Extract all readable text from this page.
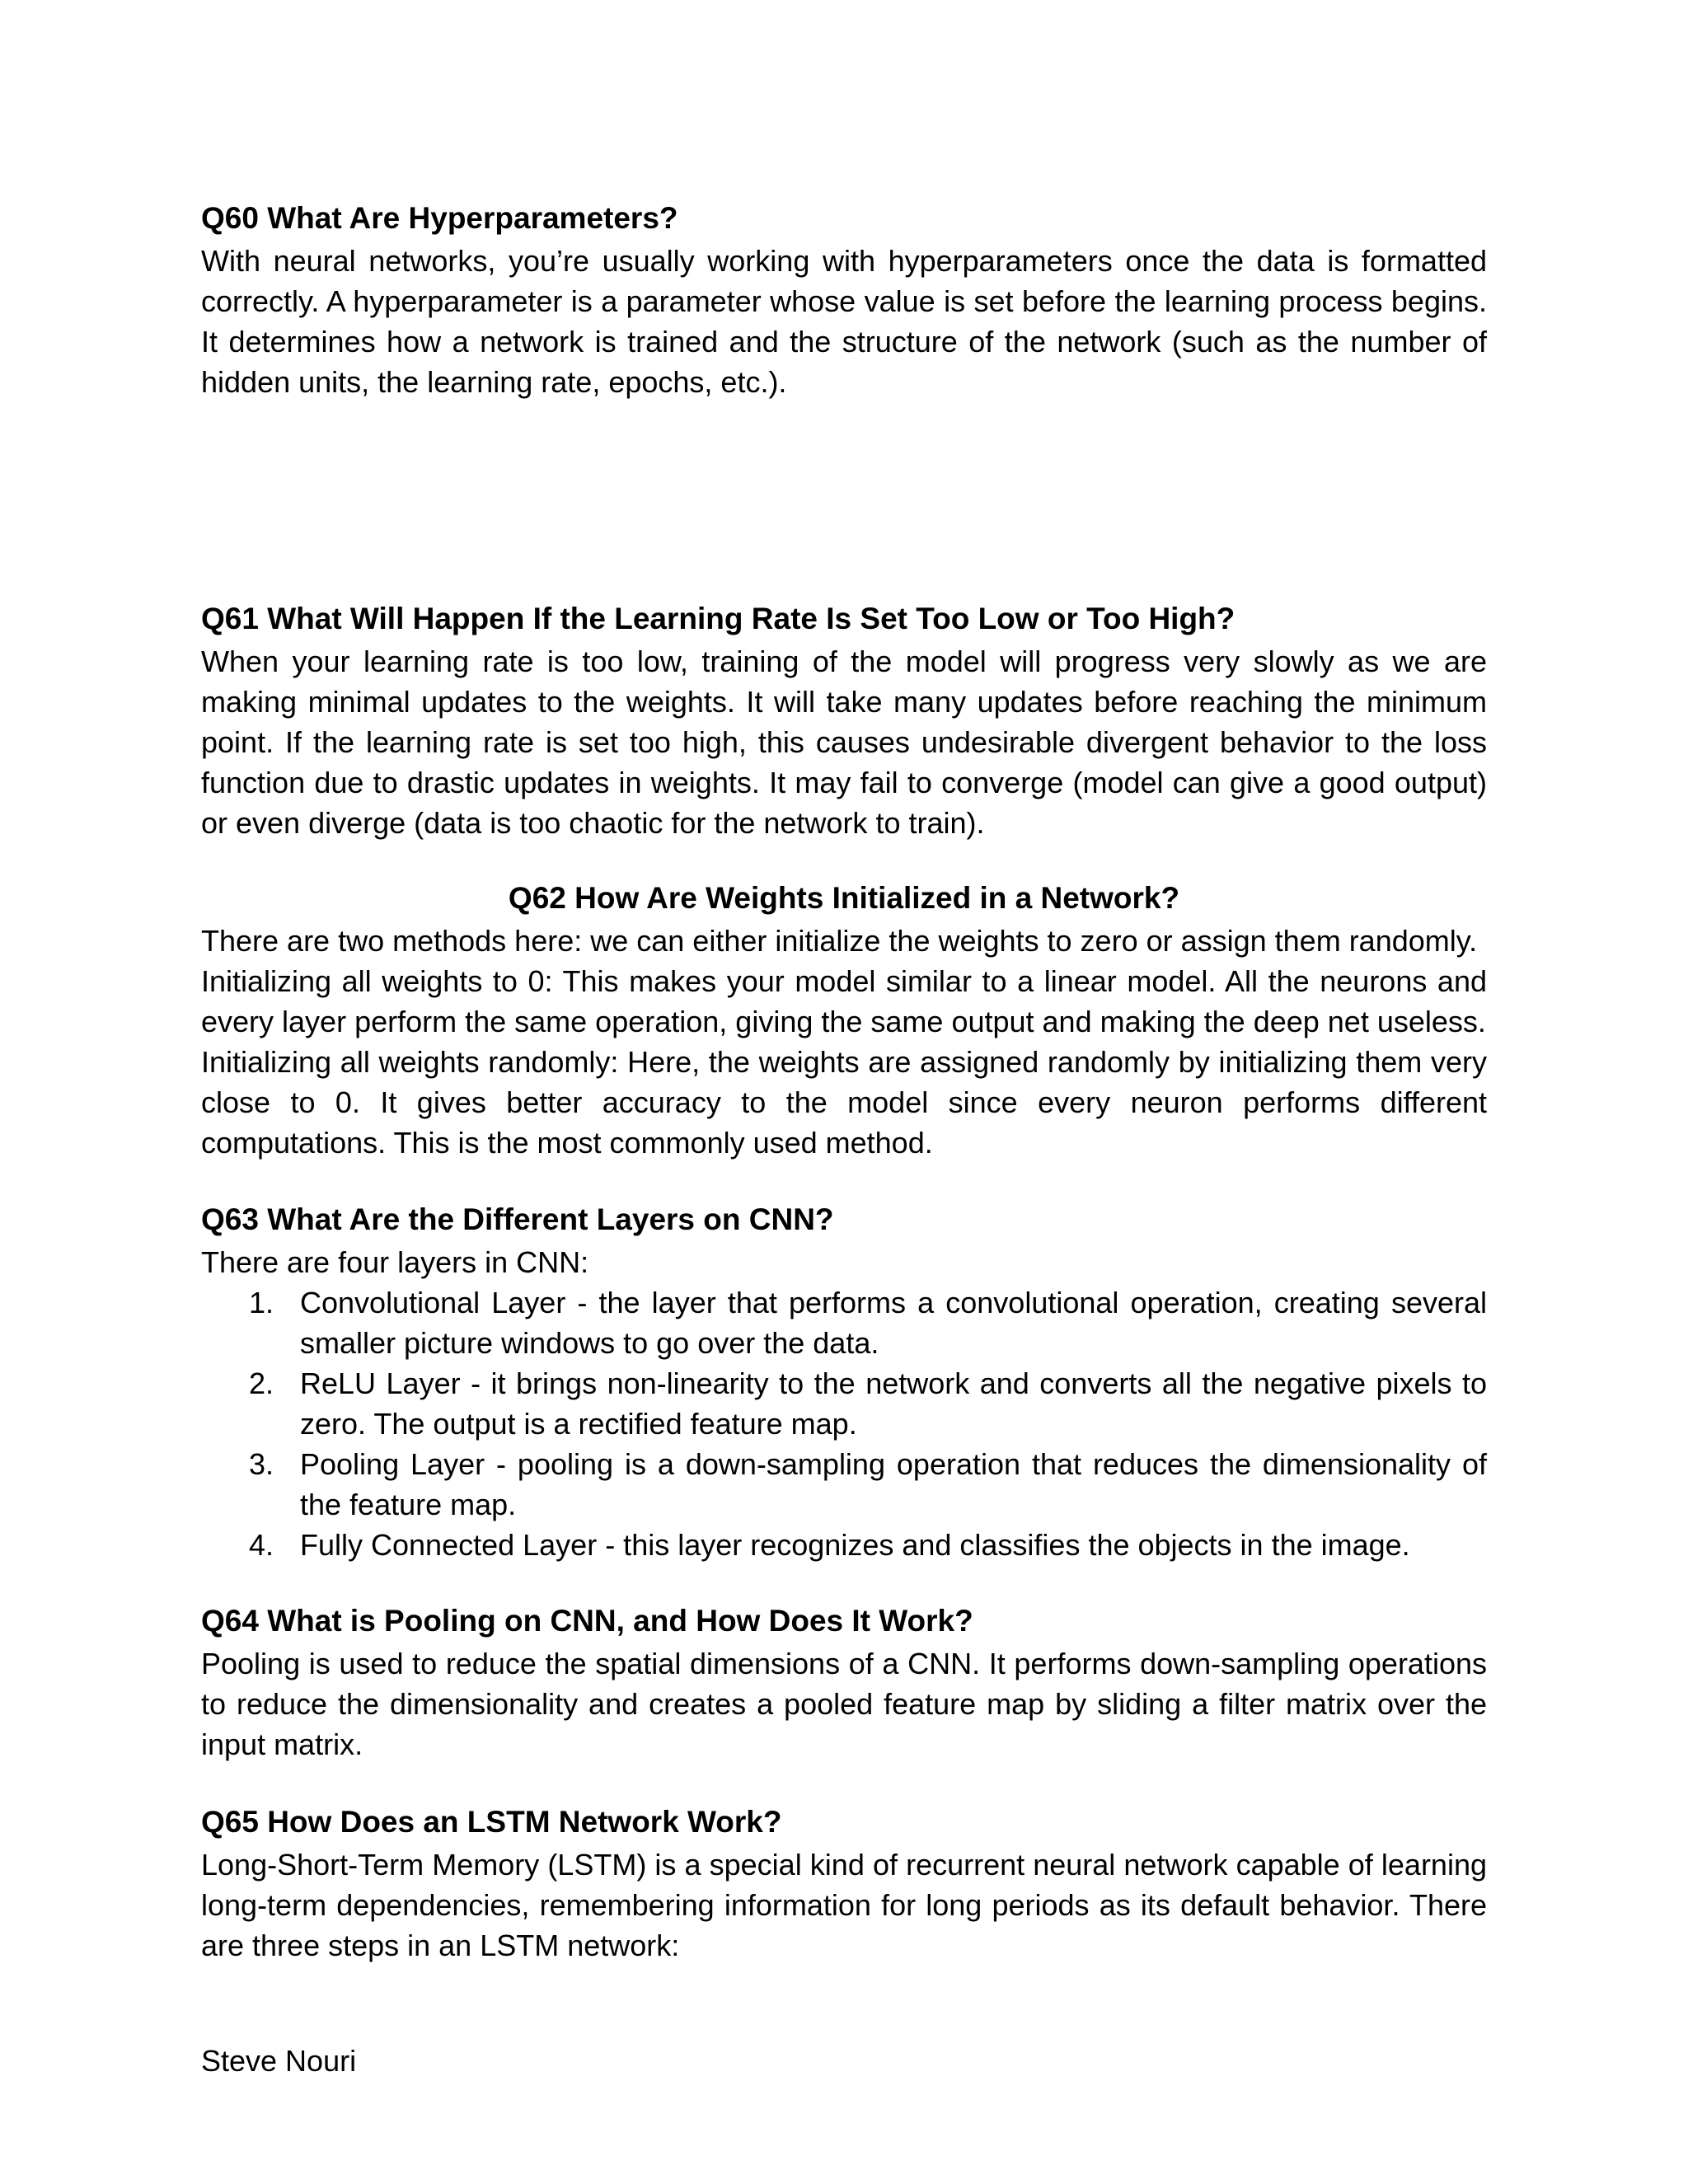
Q60 What Are Hyperparameters?

With neural networks, you’re usually working with hyperparameters once the data is formatted correctly. A hyperparameter is a parameter whose value is set before the learning process begins. It determines how a network is trained and the structure of the network (such as the number of hidden units, the learning rate, epochs, etc.).

Q61 What Will Happen If the Learning Rate Is Set Too Low or Too High?

When your learning rate is too low, training of the model will progress very slowly as we are making minimal updates to the weights. It will take many updates before reaching the minimum point. If the learning rate is set too high, this causes undesirable divergent behavior to the loss function due to drastic updates in weights. It may fail to converge (model can give a good output) or even diverge (data is too chaotic for the network to train).

Q62 How Are Weights Initialized in a Network?

There are two methods here: we can either initialize the weights to zero or assign them randomly.

Initializing all weights to 0: This makes your model similar to a linear model. All the neurons and every layer perform the same operation, giving the same output and making the deep net useless.

Initializing all weights randomly: Here, the weights are assigned randomly by initializing them very close to 0. It gives better accuracy to the model since every neuron performs different computations. This is the most commonly used method.

Q63 What Are the Different Layers on CNN?

There are four layers in CNN:

1. Convolutional Layer - the layer that performs a convolutional operation, creating several smaller picture windows to go over the data.
2. ReLU Layer - it brings non-linearity to the network and converts all the negative pixels to zero. The output is a rectified feature map.
3. Pooling Layer - pooling is a down-sampling operation that reduces the dimensionality of the feature map.
4. Fully Connected Layer - this layer recognizes and classifies the objects in the image.
Q64 What is Pooling on CNN, and How Does It Work?

Pooling is used to reduce the spatial dimensions of a CNN. It performs down-sampling operations to reduce the dimensionality and creates a pooled feature map by sliding a filter matrix over the input matrix.

Q65 How Does an LSTM Network Work?

Long-Short-Term Memory (LSTM) is a special kind of recurrent neural network capable of learning long-term dependencies, remembering information for long periods as its default behavior. There are three steps in an LSTM network:

Steve Nouri
